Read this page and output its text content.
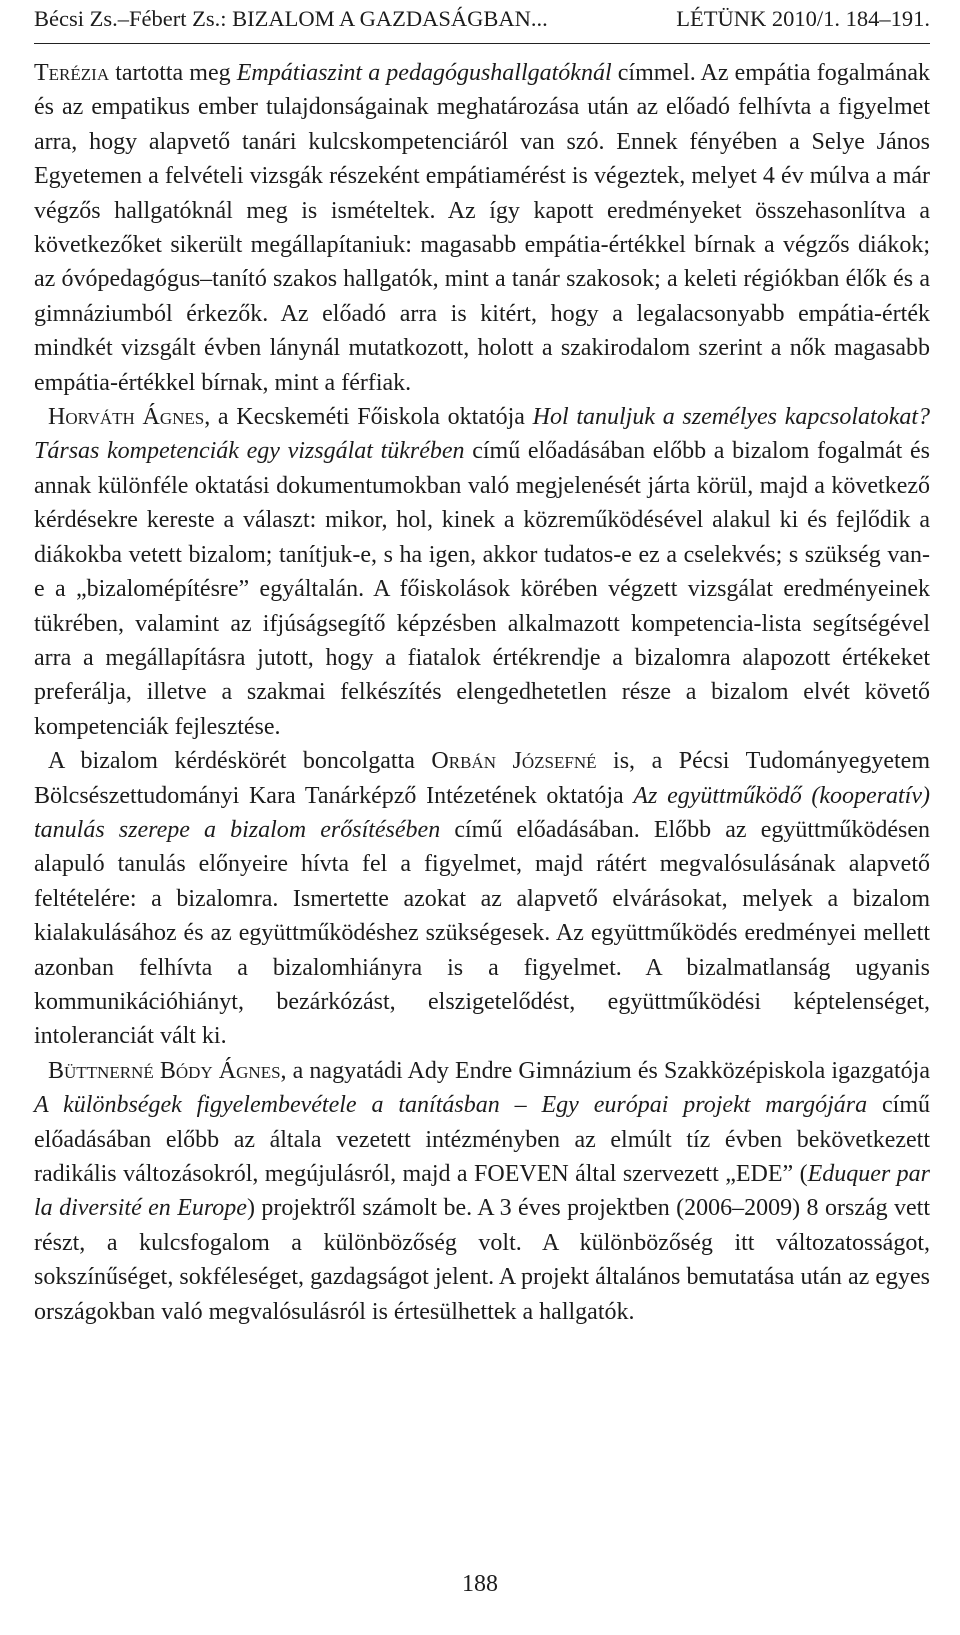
Bécsi Zs.–Fébert Zs.: BIZALOM A GAZDASÁGBAN...	LÉTÜNK 2010/1. 184–191.

Terézia tartotta meg Empátiaszint a pedagógushallgatóknál címmel. Az empátia fogalmának és az empatikus ember tulajdonságainak meghatározása után az előadó felhívta a figyelmet arra, hogy alapvető tanári kulcskompetenciáról van szó. Ennek fényében a Selye János Egyetemen a felvételi vizsgák részeként empátiamérést is végeztek, melyet 4 év múlva a már végzős hallgatóknál meg is ismételtek. Az így kapott eredményeket összehasonlítva a következőket sikerült megállapítaniuk: magasabb empátia-értékkel bírnak a végzős diákok; az óvópedagógus–tanító szakos hallgatók, mint a tanár szakosok; a keleti régiókban élők és a gimnáziumból érkezők. Az előadó arra is kitért, hogy a legalacsonyabb empátia-érték mindkét vizsgált évben lánynál mutatkozott, holott a szakirodalom szerint a nők magasabb empátia-értékkel bírnak, mint a férfiak.

Horváth Ágnes, a Kecskeméti Főiskola oktatója Hol tanuljuk a személyes kapcsolatokat? Társas kompetenciák egy vizsgálat tükrében című előadásában előbb a bizalom fogalmát és annak különféle oktatási dokumentumokban való megjelenését járta körül, majd a következő kérdésekre kereste a választ: mikor, hol, kinek a közreműködésével alakul ki és fejlődik a diákokba vetett bizalom; tanítjuk-e, s ha igen, akkor tudatos-e ez a cselekvés; s szükség van-e a „bizalomépítésre” egyáltalán. A főiskolások körében végzett vizsgálat eredményeinek tükrében, valamint az ifjúságsegítő képzésben alkalmazott kompetencia-lista segítségével arra a megállapításra jutott, hogy a fiatalok értékrendje a bizalomra alapozott értékeket preferálja, illetve a szakmai felkészítés elengedhetetlen része a bizalom elvét követő kompetenciák fejlesztése.

A bizalom kérdéskörét boncolgatta Orbán Józsefné is, a Pécsi Tudományegyetem Bölcsészettudományi Kara Tanárképző Intézetének oktatója Az együttműködő (kooperatív) tanulás szerepe a bizalom erősítésében című előadásában. Előbb az együttműködésen alapuló tanulás előnyeire hívta fel a figyelmet, majd rátért megvalósulásának alapvető feltételére: a bizalomra. Ismertette azokat az alapvető elvárásokat, melyek a bizalom kialakulásához és az együttműködéshez szükségesek. Az együttműködés eredményei mellett azonban felhívta a bizalomhiányra is a figyelmet. A bizalmatlanság ugyanis kommunikációhiányt, bezárkózást, elszigetelődést, együttműködési képtelenséget, intoleranciát vált ki.

Büttnerné Bódy Ágnes, a nagyatádi Ady Endre Gimnázium és Szakközépiskola igazgatója A különbségek figyelembevétele a tanításban – Egy európai projekt margójára című előadásában előbb az általa vezetett intézményben az elmúlt tíz évben bekövetkezett radikális változásokról, megújulásról, majd a FOEVEN által szervezett „EDE” (Eduquer par la diversité en Europe) projektről számolt be. A 3 éves projektben (2006–2009) 8 ország vett részt, a kulcsfogalom a különbözőség volt. A különbözőség itt változatosságot, sokszínűséget, sokféleséget, gazdagságot jelent. A projekt általános bemutatása után az egyes országokban való megvalósulásról is értesülhettek a hallgatók.

188
